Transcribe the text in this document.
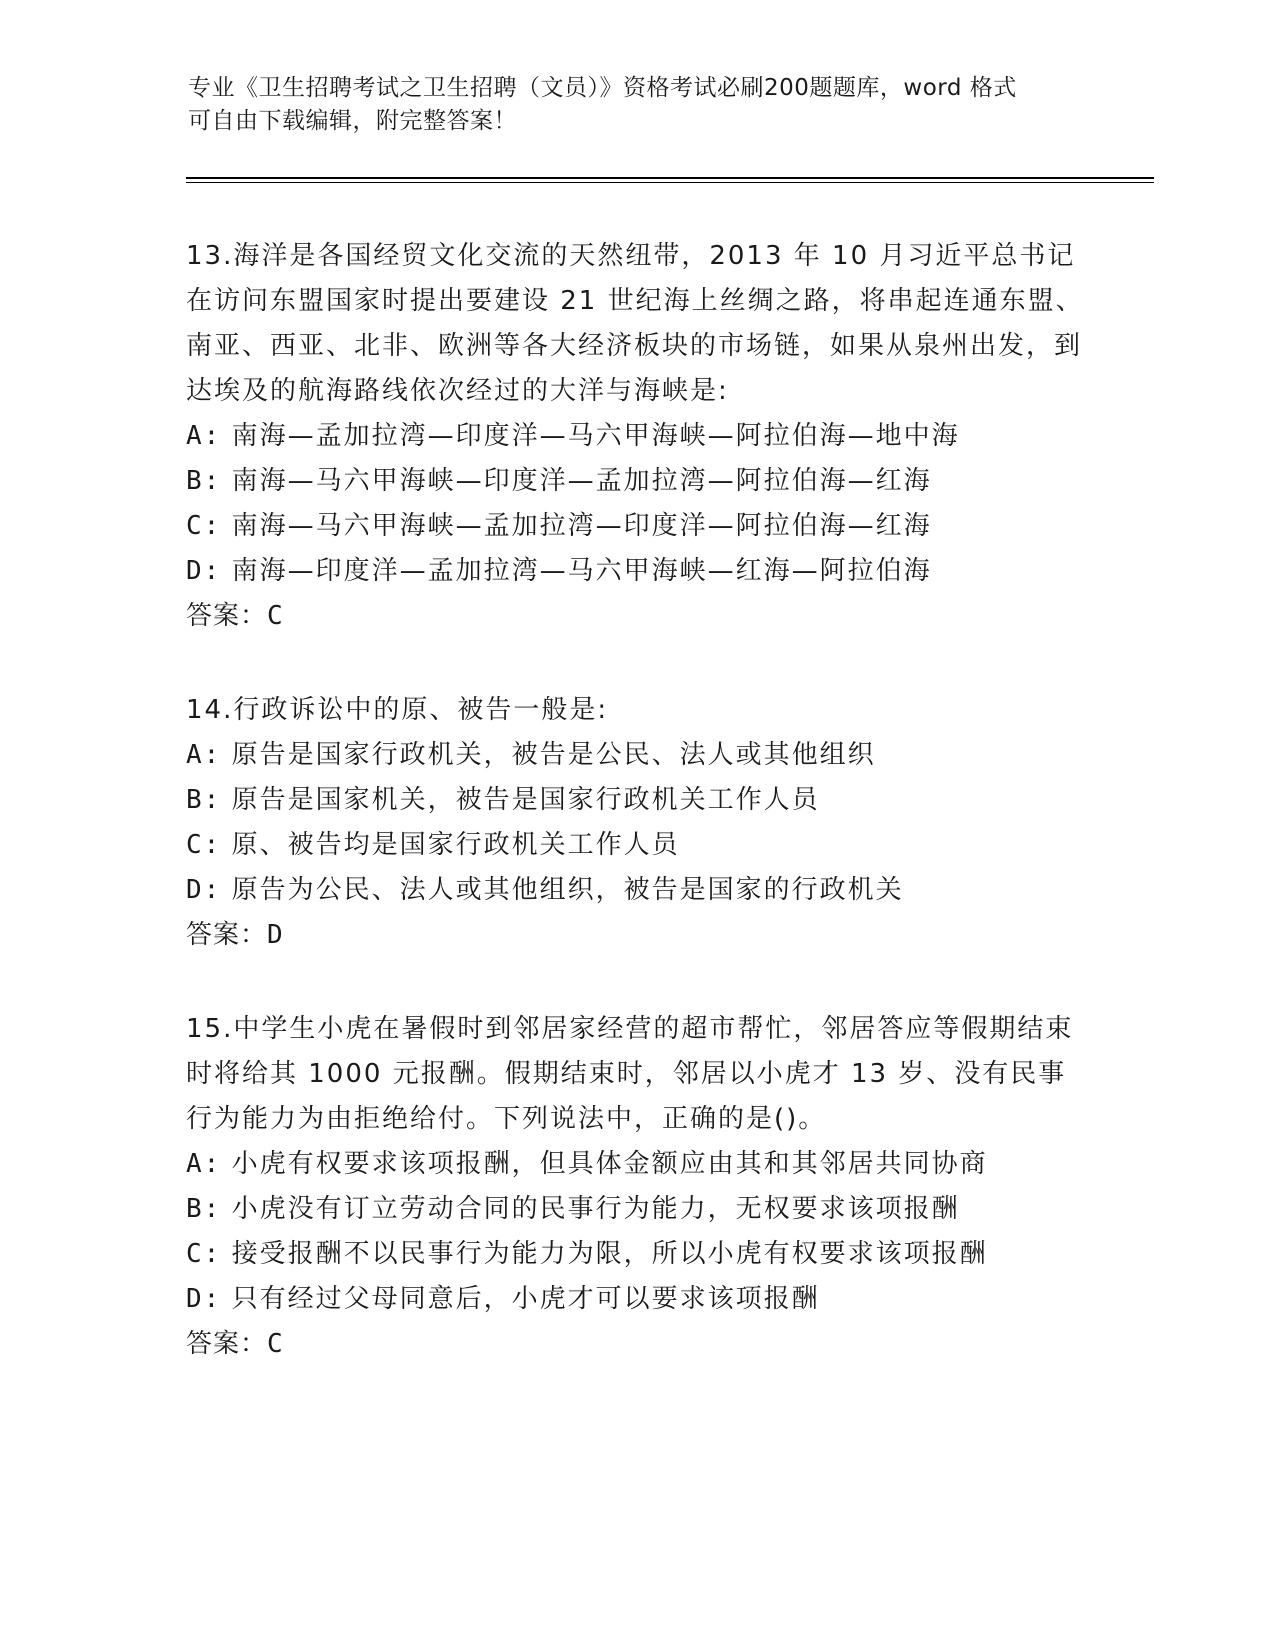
专业《卫生招聘考试之卫生招聘（文员）》资格考试必刷200题题库，word 格式
可自由下载编辑，附完整答案！

13.海洋是各国经贸文化交流的天然纽带，2013 年 10 月习近平总书记在访问东盟国家时提出要建设 21 世纪海上丝绸之路，将串起连通东盟、南亚、西亚、北非、欧洲等各大经济板块的市场链，如果从泉州出发，到达埃及的航海路线依次经过的大洋与海峡是:

A: 南海—孟加拉湾—印度洋—马六甲海峡—阿拉伯海—地中海

B: 南海—马六甲海峡—印度洋—孟加拉湾—阿拉伯海—红海

C: 南海—马六甲海峡—孟加拉湾—印度洋—阿拉伯海—红海

D: 南海—印度洋—孟加拉湾—马六甲海峡—红海—阿拉伯海

答案：C

14.行政诉讼中的原、被告一般是:

A: 原告是国家行政机关，被告是公民、法人或其他组织

B: 原告是国家机关，被告是国家行政机关工作人员

C: 原、被告均是国家行政机关工作人员

D: 原告为公民、法人或其他组织，被告是国家的行政机关

答案：D

15.中学生小虎在暑假时到邻居家经营的超市帮忙，邻居答应等假期结束时将给其 1000 元报酬。假期结束时，邻居以小虎才 13 岁、没有民事行为能力为由拒绝给付。下列说法中，正确的是()。

A: 小虎有权要求该项报酬，但具体金额应由其和其邻居共同协商

B: 小虎没有订立劳动合同的民事行为能力，无权要求该项报酬

C: 接受报酬不以民事行为能力为限，所以小虎有权要求该项报酬

D: 只有经过父母同意后，小虎才可以要求该项报酬

答案：C
